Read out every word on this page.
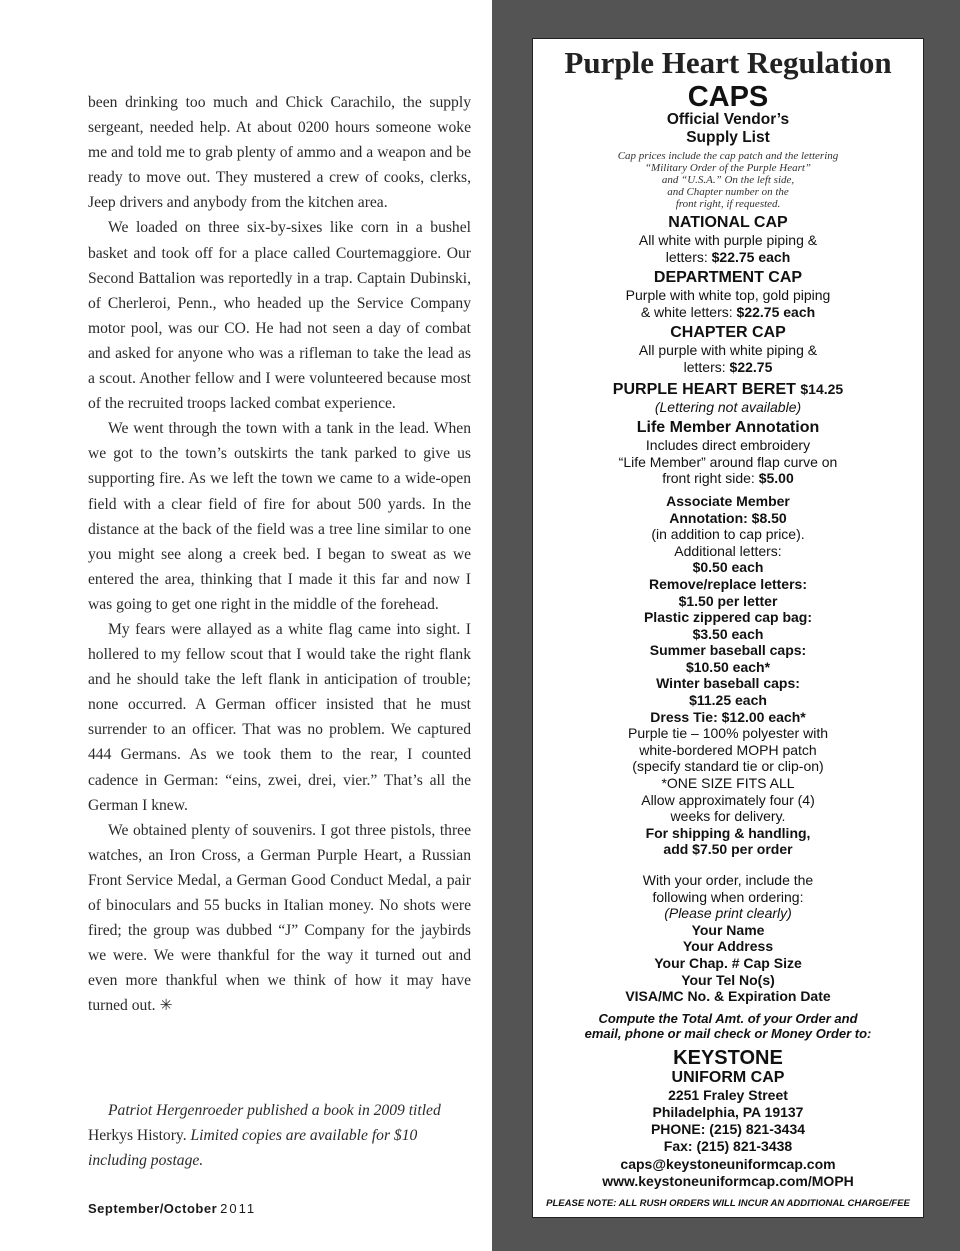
been drinking too much and Chick Carachilo, the supply sergeant, needed help. At about 0200 hours someone woke me and told me to grab plenty of ammo and a weapon and be ready to move out. They mustered a crew of cooks, clerks, Jeep drivers and anybody from the kitchen area.

We loaded on three six-by-sixes like corn in a bushel basket and took off for a place called Courtemaggiore. Our Second Battalion was reportedly in a trap. Captain Dubinski, of Cherleroi, Penn., who headed up the Service Company motor pool, was our CO. He had not seen a day of combat and asked for anyone who was a rifleman to take the lead as a scout. Another fellow and I were volunteered because most of the recruited troops lacked combat experience.

We went through the town with a tank in the lead. When we got to the town’s outskirts the tank parked to give us supporting fire. As we left the town we came to a wide-open field with a clear field of fire for about 500 yards. In the distance at the back of the field was a tree line similar to one you might see along a creek bed. I began to sweat as we entered the area, thinking that I made it this far and now I was going to get one right in the middle of the forehead.

My fears were allayed as a white flag came into sight. I hollered to my fellow scout that I would take the right flank and he should take the left flank in anticipation of trouble; none occurred. A German officer insisted that he must surrender to an officer. That was no problem. We captured 444 Germans. As we took them to the rear, I counted cadence in German: “eins, zwei, drei, vier.” That’s all the German I knew.

We obtained plenty of souvenirs. I got three pistols, three watches, an Iron Cross, a German Purple Heart, a Russian Front Service Medal, a German Good Conduct Medal, a pair of binoculars and 55 bucks in Italian money. No shots were fired; the group was dubbed “J” Company for the jaybirds we were. We were thankful for the way it turned out and even more thankful when we think of how it may have turned out. ✳

Patriot Hergenroeder published a book in 2009 titled Herkys History. Limited copies are available for $10 including postage.
September/October 2011
Purple Heart Regulation
CAPS
Official Vendor’s
Supply List
Cap prices include the cap patch and the lettering
“Military Order of the Purple Heart”
and “U.S.A.” On the left side,
and Chapter number on the
front right, if requested.
NATIONAL CAP
All white with purple piping &
letters: $22.75 each
DEPARTMENT CAP
Purple with white top, gold piping
& white letters: $22.75 each
CHAPTER CAP
All purple with white piping &
letters: $22.75
PURPLE HEART BERET $14.25
(Lettering not available)
Life Member Annotation
Includes direct embroidery
“Life Member” around flap curve on
front right side: $5.00
Associate Member
Annotation: $8.50
(in addition to cap price).
Additional letters:
$0.50 each
Remove/replace letters:
$1.50 per letter
Plastic zippered cap bag:
$3.50 each
Summer baseball caps:
$10.50 each*
Winter baseball caps:
$11.25 each
Dress Tie: $12.00 each*
Purple tie – 100% polyester with
white-bordered MOPH patch
(specify standard tie or clip-on)
*ONE SIZE FITS ALL
Allow approximately four (4)
weeks for delivery.
For shipping & handling,
add $7.50 per order
With your order, include the
following when ordering:
(Please print clearly)
Your Name
Your Address
Your Chap. # Cap Size
Your Tel No(s)
VISA/MC No. & Expiration Date
Compute the Total Amt. of your Order and
email, phone or mail check or Money Order to:
KEYSTONE
UNIFORM CAP
2251 Fraley Street
Philadelphia, PA 19137
PHONE: (215) 821-3434
Fax: (215) 821-3438
caps@keystoneuniformcap.com
www.keystoneuniformcap.com/MOPH
PLEASE NOTE: ALL RUSH ORDERS WILL INCUR AN ADDITIONAL CHARGE/FEE
